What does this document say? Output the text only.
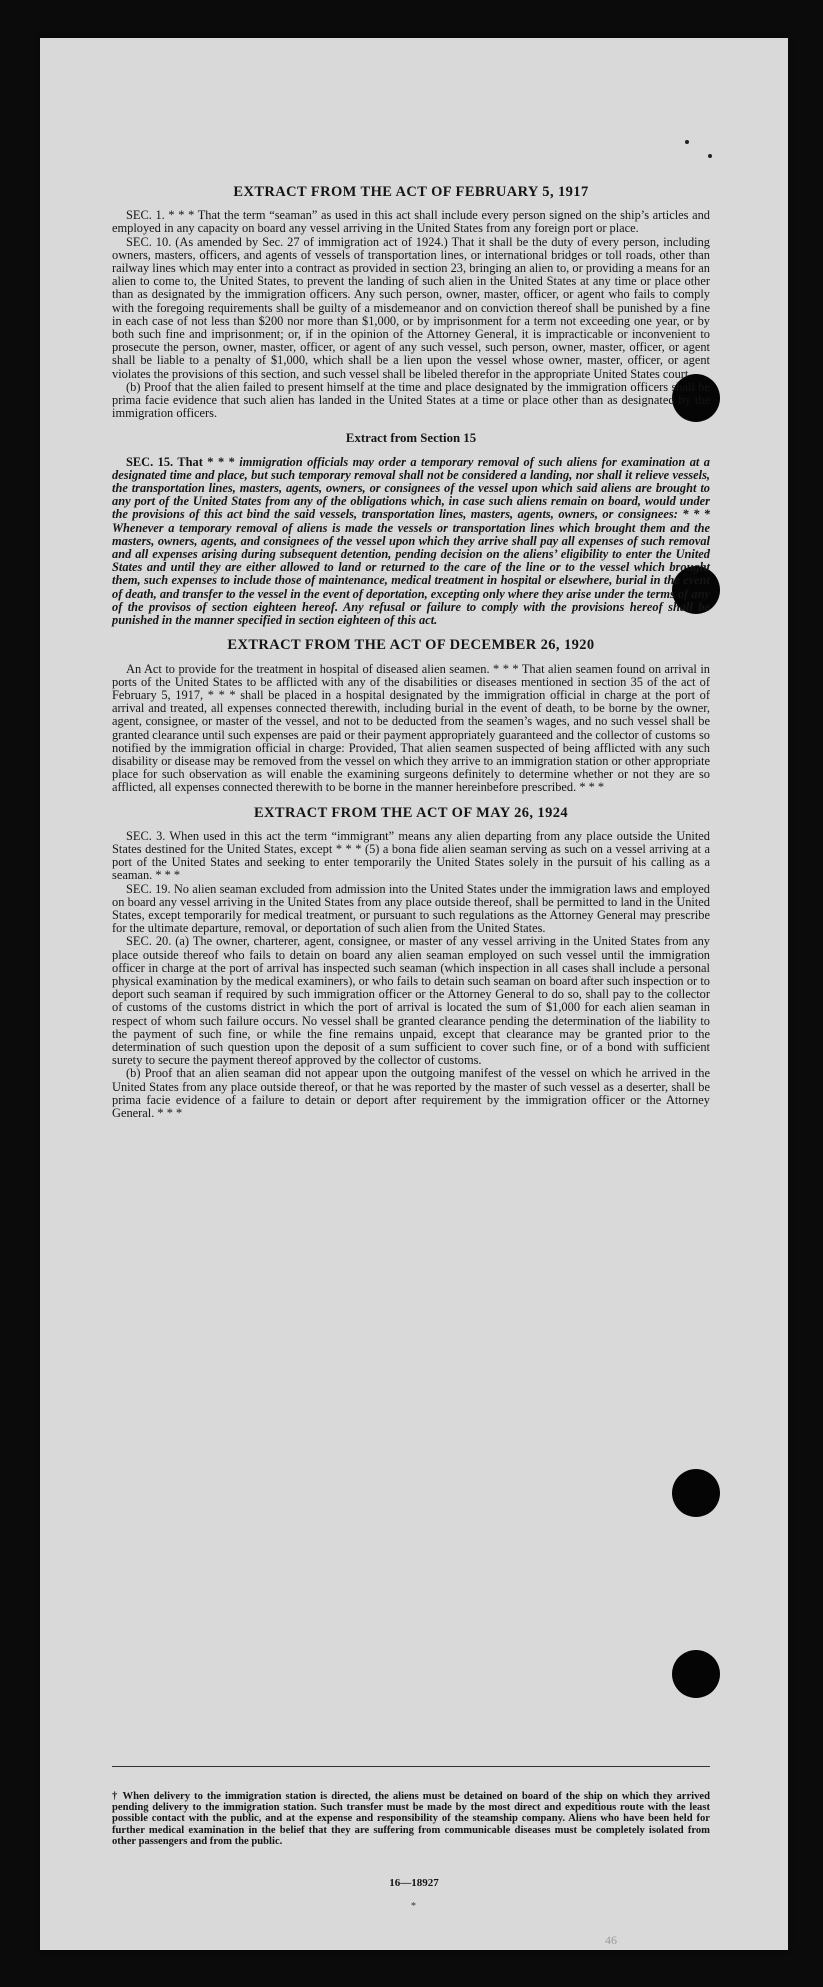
EXTRACT FROM THE ACT OF FEBRUARY 5, 1917

SEC. 1. * * * That the term “seaman” as used in this act shall include every person signed on the ship’s articles and employed in any capacity on board any vessel arriving in the United States from any foreign port or place.

SEC. 10. (As amended by Sec. 27 of immigration act of 1924.) That it shall be the duty of every person, including owners, masters, officers, and agents of vessels of transportation lines, or international bridges or toll roads, other than railway lines which may enter into a contract as provided in section 23, bringing an alien to, or providing a means for an alien to come to, the United States, to prevent the landing of such alien in the United States at any time or place other than as designated by the immigration officers. Any such person, owner, master, officer, or agent who fails to comply with the foregoing requirements shall be guilty of a misdemeanor and on conviction thereof shall be punished by a fine in each case of not less than $200 nor more than $1,000, or by imprisonment for a term not exceeding one year, or by both such fine and imprisonment; or, if in the opinion of the Attorney General, it is impracticable or inconvenient to prosecute the person, owner, master, officer, or agent of any such vessel, such person, owner, master, officer, or agent shall be liable to a penalty of $1,000, which shall be a lien upon the vessel whose owner, master, officer, or agent violates the provisions of this section, and such vessel shall be libeled therefor in the appropriate United States court.

(b) Proof that the alien failed to present himself at the time and place designated by the immigration officers shall be prima facie evidence that such alien has landed in the United States at a time or place other than as designated by the immigration officers.

Extract from Section 15

SEC. 15. That * * * immigration officials may order a temporary removal of such aliens for examination at a designated time and place, but such temporary removal shall not be considered a landing, nor shall it relieve vessels, the transportation lines, masters, agents, owners, or consignees of the vessel upon which said aliens are brought to any port of the United States from any of the obligations which, in case such aliens remain on board, would under the provisions of this act bind the said vessels, transportation lines, masters, agents, owners, or consignees: * * * Whenever a temporary removal of aliens is made the vessels or transportation lines which brought them and the masters, owners, agents, and consignees of the vessel upon which they arrive shall pay all expenses of such removal and all expenses arising during subsequent detention, pending decision on the aliens’ eligibility to enter the United States and until they are either allowed to land or returned to the care of the line or to the vessel which brought them, such expenses to include those of maintenance, medical treatment in hospital or elsewhere, burial in the event of death, and transfer to the vessel in the event of deportation, excepting only where they arise under the terms of any of the provisos of section eighteen hereof. Any refusal or failure to comply with the provisions hereof shall be punished in the manner specified in section eighteen of this act.

EXTRACT FROM THE ACT OF DECEMBER 26, 1920

An Act to provide for the treatment in hospital of diseased alien seamen. * * * That alien seamen found on arrival in ports of the United States to be afflicted with any of the disabilities or diseases mentioned in section 35 of the act of February 5, 1917, * * * shall be placed in a hospital designated by the immigration official in charge at the port of arrival and treated, all expenses connected therewith, including burial in the event of death, to be borne by the owner, agent, consignee, or master of the vessel, and not to be deducted from the seamen’s wages, and no such vessel shall be granted clearance until such expenses are paid or their payment appropriately guaranteed and the collector of customs so notified by the immigration official in charge: Provided, That alien seamen suspected of being afflicted with any such disability or disease may be removed from the vessel on which they arrive to an immigration station or other appropriate place for such observation as will enable the examining surgeons definitely to determine whether or not they are so afflicted, all expenses connected therewith to be borne in the manner hereinbefore prescribed. * * *

EXTRACT FROM THE ACT OF MAY 26, 1924

SEC. 3. When used in this act the term “immigrant” means any alien departing from any place outside the United States destined for the United States, except * * * (5) a bona fide alien seaman serving as such on a vessel arriving at a port of the United States and seeking to enter temporarily the United States solely in the pursuit of his calling as a seaman. * * *

SEC. 19. No alien seaman excluded from admission into the United States under the immigration laws and employed on board any vessel arriving in the United States from any place outside thereof, shall be permitted to land in the United States, except temporarily for medical treatment, or pursuant to such regulations as the Attorney General may prescribe for the ultimate departure, removal, or deportation of such alien from the United States.

SEC. 20. (a) The owner, charterer, agent, consignee, or master of any vessel arriving in the United States from any place outside thereof who fails to detain on board any alien seaman employed on such vessel until the immigration officer in charge at the port of arrival has inspected such seaman (which inspection in all cases shall include a personal physical examination by the medical examiners), or who fails to detain such seaman on board after such inspection or to deport such seaman if required by such immigration officer or the Attorney General to do so, shall pay to the collector of customs of the customs district in which the port of arrival is located the sum of $1,000 for each alien seaman in respect of whom such failure occurs. No vessel shall be granted clearance pending the determination of the liability to the payment of such fine, or while the fine remains unpaid, except that clearance may be granted prior to the determination of such question upon the deposit of a sum sufficient to cover such fine, or of a bond with sufficient surety to secure the payment thereof approved by the collector of customs.

(b) Proof that an alien seaman did not appear upon the outgoing manifest of the vessel on which he arrived in the United States from any place outside thereof, or that he was reported by the master of such vessel as a deserter, shall be prima facie evidence of a failure to detain or deport after requirement by the immigration officer or the Attorney General. * * *

† When delivery to the immigration station is directed, the aliens must be detained on board of the ship on which they arrived pending delivery to the immigration station. Such transfer must be made by the most direct and expeditious route with the least possible contact with the public, and at the expense and responsibility of the steamship company. Aliens who have been held for further medical examination in the belief that they are suffering from communicable diseases must be completely isolated from other passengers and from the public.

16—18927
*
46
